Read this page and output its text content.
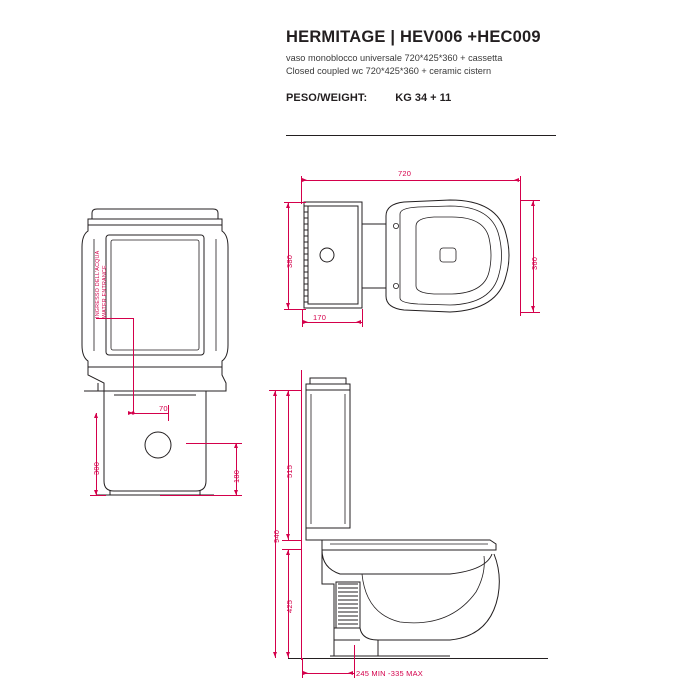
HERMITAGE | HEV006 +HEC009
vaso monoblocco universale 720*425*360 + cassetta
Closed coupled wc 720*425*360 + ceramic cistern
PESO/WEIGHT:	KG 34 + 11
INGRESSO DELL'ACQUA WATER ENTRANCE
70
300
180
720
380	360
170
515
940
425
245 MIN -335 MAX
